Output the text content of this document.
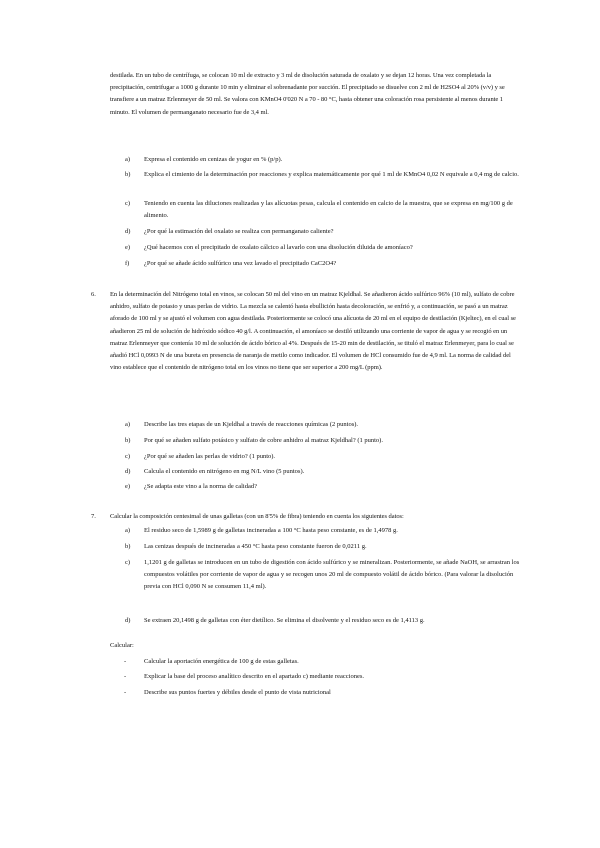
destilada. En un tubo de centrífuga, se colocan 10 ml de extracto y 3 ml de disolución saturada de oxalato y se dejan 12 horas. Una vez completada la precipitación, centrifugar a 1000 g durante 10 min y eliminar el sobrenadante por succión. El precipitado se disuelve con 2 ml de H2SO4 al 20% (v/v) y se transfiere a un matraz Erlenmeyer de 50 ml. Se valora con KMnO4 0'020 N a 70 - 80 °C, hasta obtener una coloración rosa persistente al menos durante 1 minuto. El volumen de permanganato necesario fue de 3,4 ml.
a) Expresa el contenido en cenizas de yogur en % (p/p).
b) Explica el cimiento de la determinación por reacciones y explica matemáticamente por qué 1 ml de KMnO4 0,02 N equivale a 0,4 mg de calcio.
c) Teniendo en cuenta las diluciones realizadas y las alícuotas pesas, calcula el contenido en calcio de la muestra, que se expresa en mg/100 g de alimento.
d) ¿Por qué la estimación del oxalato se realiza con permanganato caliente?
e) ¿Qué hacemos con el precipitado de oxalato cálcico al lavarlo con una disolución diluida de amoníaco?
f) ¿Por qué se añade ácido sulfúrico una vez lavado el precipitado CaC2O4?
6. En la determinación del Nitrógeno total en vinos, se colocan 50 ml del vino en un matraz Kjeldhal. Se añadieron ácido sulfúrico 96% (10 ml), sulfato de cobre anhidro, sulfato de potasio y unas perlas de vidrio. La mezcla se calentó hasta ebullición hasta decoloración, se enfrió y, a continuación, se pasó a un matraz aforado de 100 ml y se ajustó el volumen con agua destilada. Posteriormente se colocó una alícuota de 20 ml en el equipo de destilación (Kjeltec), en el cual se añadieron 25 ml de solución de hidróxido sódico 40 g/l. A continuación, el amoníaco se destiló utilizando una corriente de vapor de agua y se recogió en un matraz Erlenmeyer que contenía 10 ml de solución de ácido bórico al 4%. Después de 15-20 min de destilación, se tituló el matraz Erlenmeyer, para lo cual se añadió HCl 0,0993 N de una bureta en presencia de naranja de metilo como indicador. El volumen de HCl consumido fue de 4,9 ml. La norma de calidad del vino establece que el contenido de nitrógeno total en los vinos no tiene que ser superior a 200 mg/L (ppm).
a) Describe las tres etapas de un Kjeldhal a través de reacciones químicas (2 puntos).
b) Por qué se añaden sulfato potásico y sulfato de cobre anhidro al matraz Kjeldhal? (1 punto).
c) ¿Por qué se añaden las perlas de vidrio? (1 punto).
d) Calcula el contenido en nitrógeno en mg N/L vino (5 puntos).
e) ¿Se adapta este vino a la norma de calidad?
7. Calcular la composición centesimal de unas galletas (con un 8'5% de fibra) teniendo en cuenta los siguientes datos:
a) El residuo seco de 1,5989 g de galletas incineradas a 100 °C hasta peso constante, es de 1,4978 g.
b) Las cenizas después de incineradas a 450 °C hasta peso constante fueron de 0,0211 g.
c) 1,1201 g de galletas se introducen en un tubo de digestión con ácido sulfúrico y se mineralizan. Posteriormente, se añade NaOH, se arrastran los compuestos volátiles por corriente de vapor de agua y se recogen unos 20 ml de compuesto volátil de ácido bórico. (Para valorar la disolución previa con HCl 0,090 N se consumen 11,4 ml).
d) Se extraen 20,1498 g de galletas con éter dietílico. Se elimina el disolvente y el residuo seco es de 1,4113 g.
Calcular:
-	Calcular la aportación energética de 100 g de estas galletas.
-	Explicar la base del proceso analítico descrito en el apartado c) mediante reacciones.
-	Describe sus puntos fuertes y débiles desde el punto de vista nutricional
